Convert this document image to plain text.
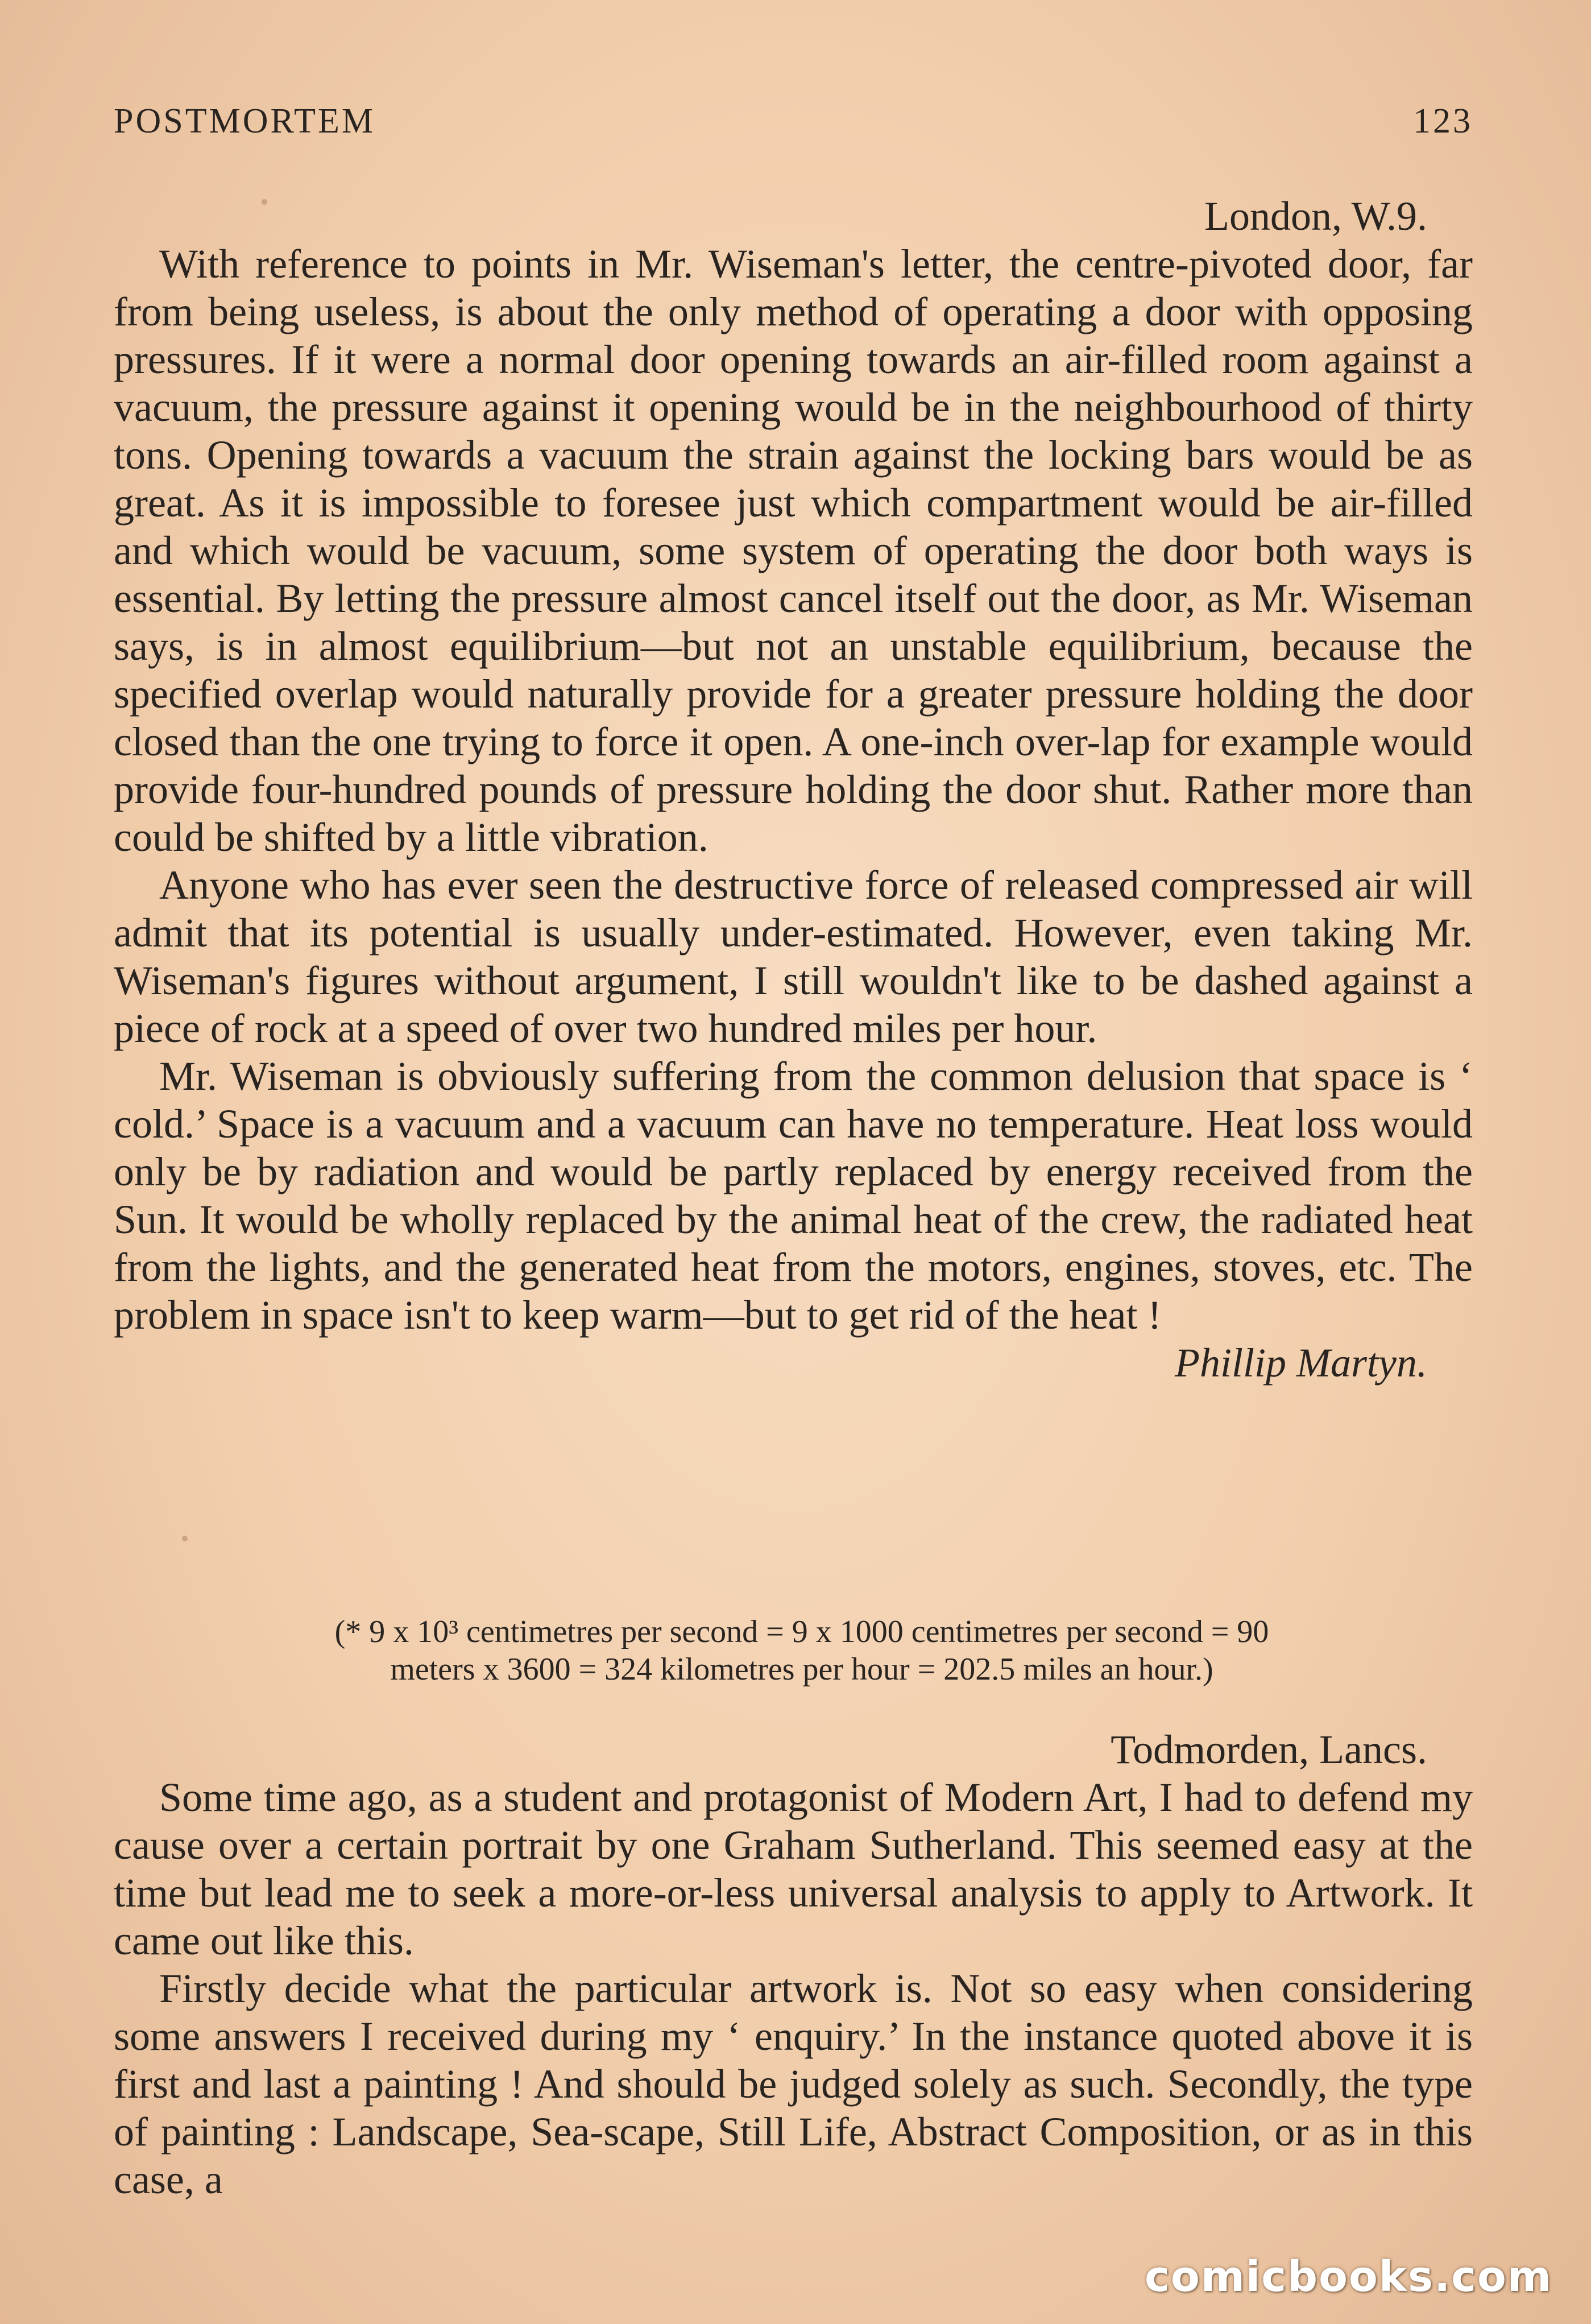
POSTMORTEM	123
London, W.9.

With reference to points in Mr. Wiseman's letter, the centre-pivoted door, far from being useless, is about the only method of operating a door with opposing pressures. If it were a normal door opening towards an air-filled room against a vacuum, the pressure against it opening would be in the neighbourhood of thirty tons. Opening towards a vacuum the strain against the locking bars would be as great. As it is impossible to foresee just which compartment would be air-filled and which would be vacuum, some system of operating the door both ways is essential. By letting the pressure almost cancel itself out the door, as Mr. Wiseman says, is in almost equilibrium—but not an unstable equilibrium, because the specified overlap would naturally provide for a greater pressure holding the door closed than the one trying to force it open. A one-inch over-lap for example would provide four-hundred pounds of pressure holding the door shut. Rather more than could be shifted by a little vibration.

Anyone who has ever seen the destructive force of released compressed air will admit that its potential is usually under-estimated. However, even taking Mr. Wiseman's figures without argument, I still wouldn't like to be dashed against a piece of rock at a speed of over two hundred miles per hour.

Mr. Wiseman is obviously suffering from the common delusion that space is ‘ cold.’ Space is a vacuum and a vacuum can have no temperature. Heat loss would only be by radiation and would be partly replaced by energy received from the Sun. It would be wholly replaced by the animal heat of the crew, the radiated heat from the lights, and the generated heat from the motors, engines, stoves, etc. The problem in space isn't to keep warm—but to get rid of the heat !

Phillip Martyn.
(* 9 x 10³ centimetres per second = 9 x 1000 centimetres per second = 90
meters x 3600 = 324 kilometres per hour = 202.5 miles an hour.)
Todmorden, Lancs.

Some time ago, as a student and protagonist of Modern Art, I had to defend my cause over a certain portrait by one Graham Sutherland. This seemed easy at the time but lead me to seek a more-or-less universal analysis to apply to Artwork. It came out like this.

Firstly decide what the particular artwork is. Not so easy when considering some answers I received during my ‘ enquiry.’ In the instance quoted above it is first and last a painting ! And should be judged solely as such. Secondly, the type of painting : Landscape, Sea-scape, Still Life, Abstract Composition, or as in this case, a

comicbooks.com
